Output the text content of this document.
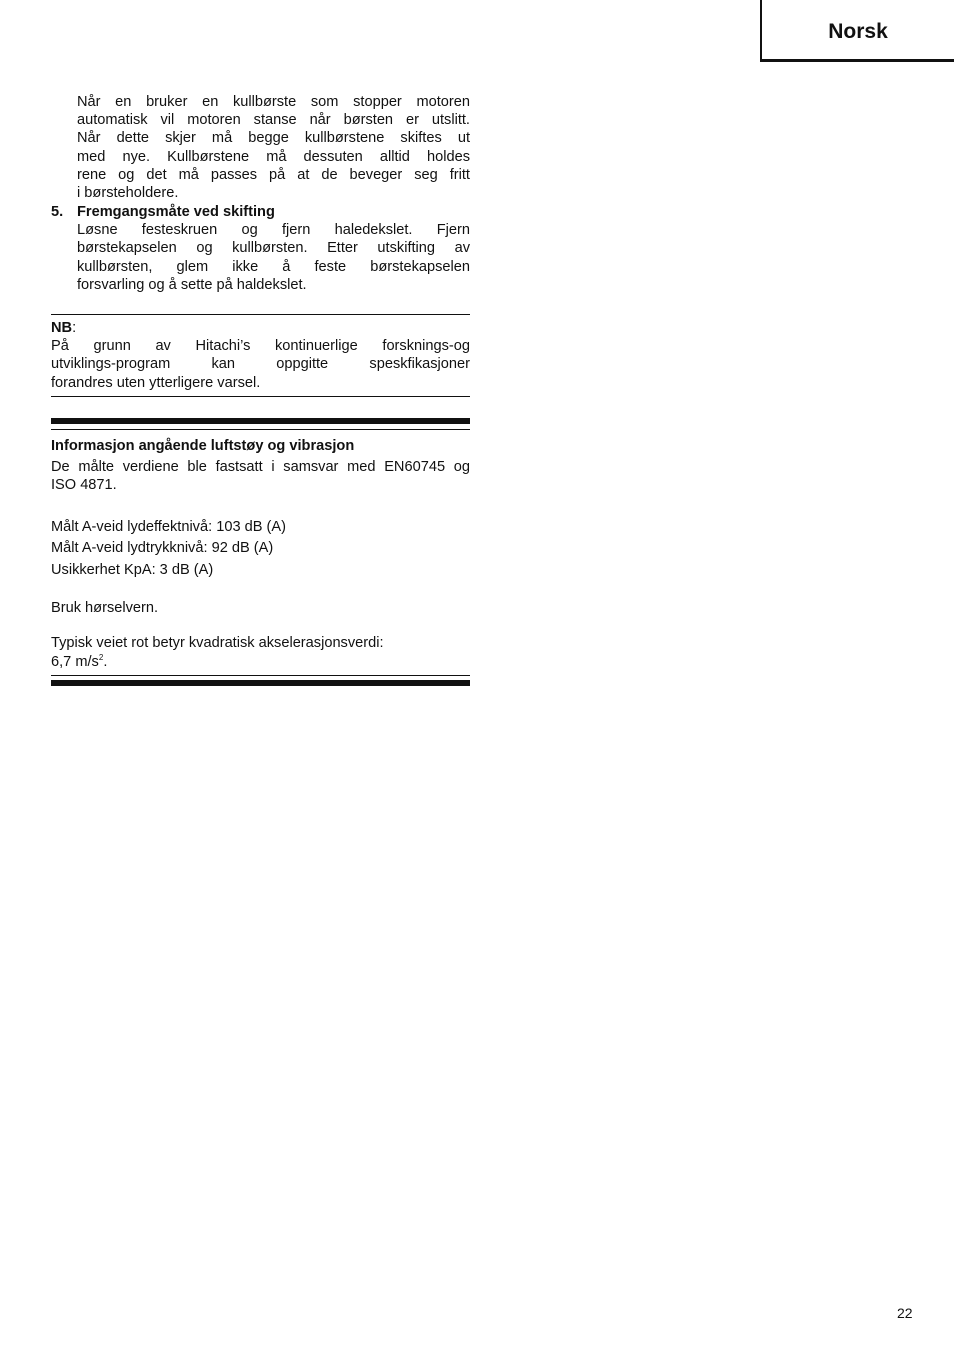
Norsk
Når en bruker en kullbørste som stopper motoren
automatisk vil motoren stanse når børsten er utslitt.
Når dette skjer må begge kullbørstene skiftes ut
med nye. Kullbørstene må dessuten alltid holdes
rene og det må passes på at de beveger seg fritt
i børsteholdere.
5. Fremgangsmåte ved skifting
Løsne festeskruen og fjern haledekslet. Fjern
børstekapselen og kullbørsten. Etter utskifting av
kullbørsten, glem ikke å feste børstekapselen
forsvarling og å sette på haldekslet.
NB:
På grunn av Hitachi’s kontinuerlige forsknings-og
utviklings-program kan oppgitte speskfikasjoner
forandres uten ytterligere varsel.
Informasjon angående luftstøy og vibrasjon
De målte verdiene ble fastsatt i samsvar med EN60745 og
ISO 4871.
Målt A-veid lydeffektnivå: 103 dB (A)
Målt A-veid lydtrykknivå: 92 dB (A)
Usikkerhet KpA: 3 dB (A)
Bruk hørselvern.
Typisk veiet rot betyr kvadratisk akselerasjonsverdi:
6,7 $m/s^2$.
22
